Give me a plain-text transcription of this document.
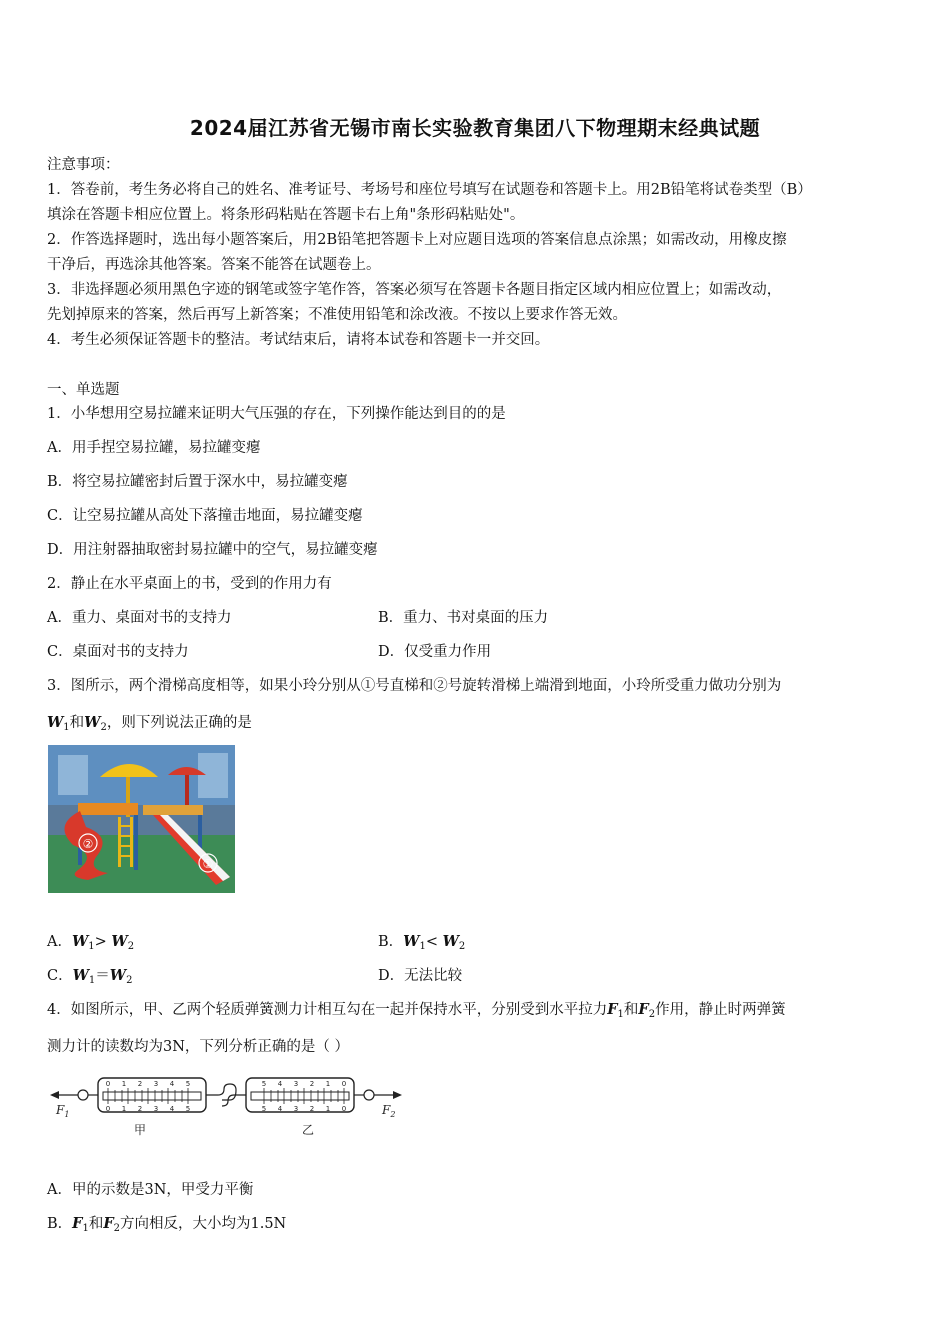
2024届江苏省无锡市南长实验教育集团八下物理期末经典试题
注意事项：
1．答卷前，考生务必将自己的姓名、准考证号、考场号和座位号填写在试题卷和答题卡上。用2B铅笔将试卷类型（B）
填涂在答题卡相应位置上。将条形码粘贴在答题卡右上角"条形码粘贴处"。
2．作答选择题时，选出每小题答案后，用2B铅笔把答题卡上对应题目选项的答案信息点涂黑；如需改动，用橡皮擦
干净后，再选涂其他答案。答案不能答在试题卷上。
3．非选择题必须用黑色字迹的钢笔或签字笔作答，答案必须写在答题卡各题目指定区域内相应位置上；如需改动，
先划掉原来的答案，然后再写上新答案；不准使用铅笔和涂改液。不按以上要求作答无效。
4．考生必须保证答题卡的整洁。考试结束后，请将本试卷和答题卡一并交回。
一、单选题
1．小华想用空易拉罐来证明大气压强的存在，下列操作能达到目的的是
A．用手捏空易拉罐，易拉罐变瘪
B．将空易拉罐密封后置于深水中，易拉罐变瘪
C．让空易拉罐从高处下落撞击地面，易拉罐变瘪
D．用注射器抽取密封易拉罐中的空气，易拉罐变瘪
2．静止在水平桌面上的书，受到的作用力有
A．重力、桌面对书的支持力	B．重力、书对桌面的压力
C．桌面对书的支持力	D．仅受重力作用
3．图所示，两个滑梯高度相等，如果小玲分别从①号直梯和②号旋转滑梯上端滑到地面，小玲所受重力做功分别为
$W_1$和$W_2$，则下列说法正确的是
②
①
A．$W_1> W_2$	B．$W_1< W_2$
C．$W_1=W_2$	D．无法比较
4．如图所示，甲、乙两个轻质弹簧测力计相互勾在一起并保持水平，分别受到水平拉力$F_1$和$F_2$作用，静止时两弹簧
测力计的读数均为3N，下列分析正确的是（ ）
0 1 2 3 4 5
0 1 2 3 4 5
5 4 3 2 1 0
5 4 3 2 1 0
$F_1$	$F_2$
甲	乙
A．甲的示数是3N，甲受力平衡
B．$F_1$和$F_2$方向相反，大小均为1.5N
